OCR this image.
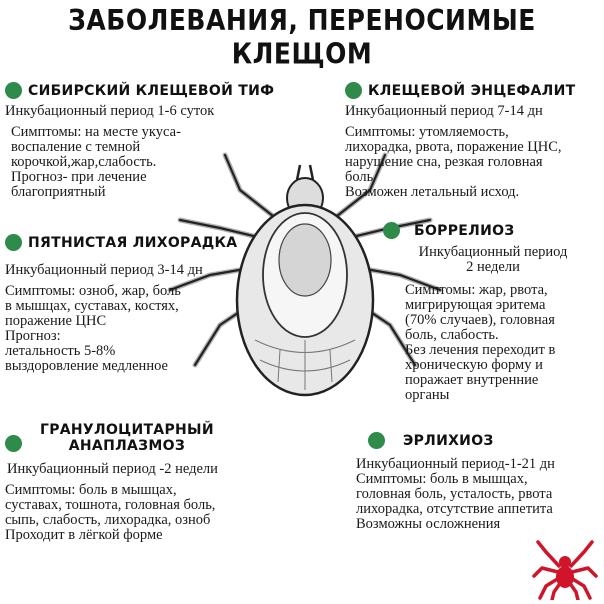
ЗАБОЛЕВАНИЯ, ПЕРЕНОСИМЫЕ КЛЕЩОМ
СИБИРСКИЙ КЛЕЩЕВОЙ ТИФ
Инкубационный период 1-6 суток
Симптомы: на месте укуса-
воспаление с темной
корочкой,жар,слабость.
Прогноз- при лечение
благоприятный
КЛЕЩЕВОЙ ЭНЦЕФАЛИТ
Инкубационный период 7-14 дн
Симптомы: утомляемость,
лихорадка, рвота, поражение ЦНС,
нарушение сна, резкая головная
боль
Возможен летальный исход.
ПЯТНИСТАЯ ЛИХОРАДКА
Инкубационный период 3-14 дн
Симптомы: озноб, жар, боль
в мышцах, суставах, костях,
поражение ЦНС
Прогноз:
летальность 5-8%
выздоровление медленное
БОРРЕЛИОЗ
Инкубационный период
2 недели
Симптомы: жар, рвота,
мигрирующая эритема
(70% случаев), головная
боль, слабость.
Без лечения переходит в
хроническую форму и
поражает внутренние
органы
ГРАНУЛОЦИТАРНЫЙ
АНАПЛАЗМОЗ
Инкубационный период -2 недели
Симптомы: боль в мышцах,
суставах, тошнота, головная боль,
сыпь, слабость, лихорадка, озноб
Проходит в лёгкой форме
ЭРЛИХИОЗ
Инкубационный период-1-21 дн
Симптомы: боль в мышцах,
головная боль, усталость, рвота
лихорадка, отсутствие аппетита
Возможны осложнения
